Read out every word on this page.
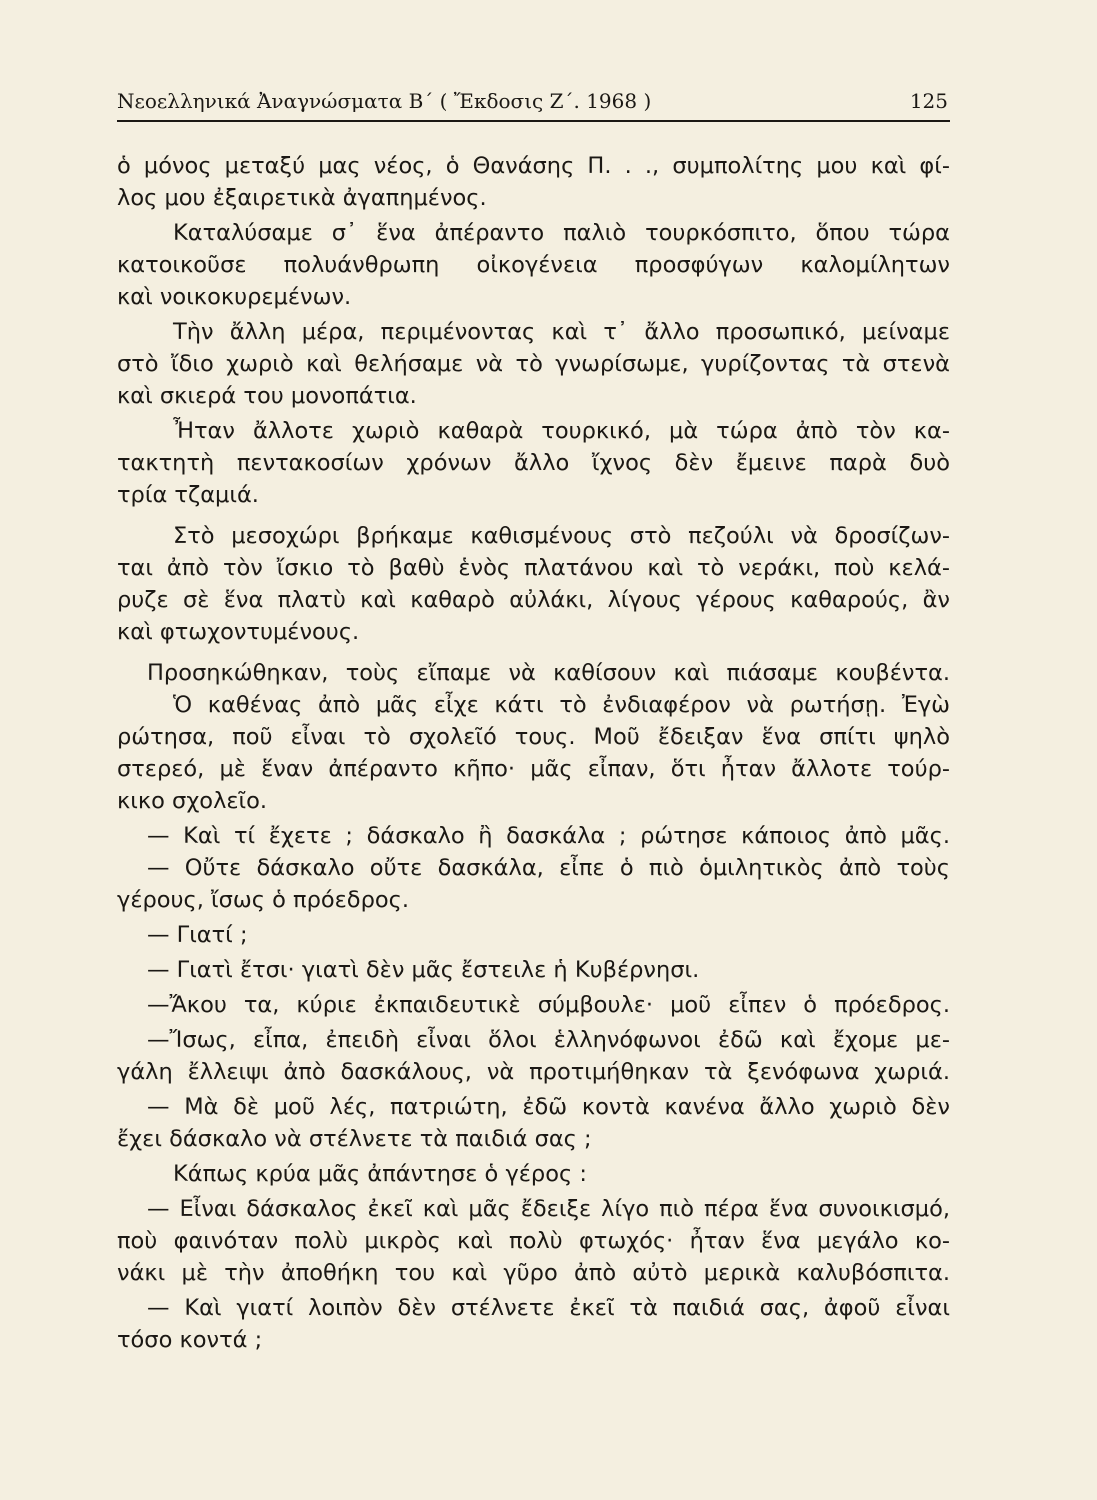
Νεοελληνικά Ἀναγνώσματα Β΄ ( Ἔκδοσις Ζ΄. 1968 )	125
ὁ μόνος μεταξύ μας νέος, ὁ Θανάσης Π. . ., συμπολίτης μου καὶ φί-
λος μου ἐξαιρετικὰ ἀγαπημένος.
Καταλύσαμε σ᾽ ἕνα ἀπέραντο παλιὸ τουρκόσπιτο, ὅπου τώρα
κατοικοῦσε πολυάνθρωπη οἰκογένεια προσφύγων καλομίλητων
καὶ νοικοκυρεμένων.
Τὴν ἄλλη μέρα, περιμένοντας καὶ τ᾽ ἄλλο προσωπικό, μείναμε
στὸ ἴδιο χωριὸ καὶ θελήσαμε νὰ τὸ γνωρίσωμε, γυρίζοντας τὰ στενὰ
καὶ σκιερά του μονοπάτια.
Ἦταν ἄλλοτε χωριὸ καθαρὰ τουρκικό, μὰ τώρα ἀπὸ τὸν κα-
τακτητὴ πεντακοσίων χρόνων ἄλλο ἴχνος δὲν ἔμεινε παρὰ δυὸ
τρία τζαμιά.
Στὸ μεσοχώρι βρήκαμε καθισμένους στὸ πεζούλι νὰ δροσίζων-
ται ἀπὸ τὸν ἴσκιο τὸ βαθὺ ἑνὸς πλατάνου καὶ τὸ νεράκι, ποὺ κελά-
ρυζε σὲ ἕνα πλατὺ καὶ καθαρὸ αὐλάκι, λίγους γέρους καθαρούς, ἂν
καὶ φτωχοντυμένους.
Προσηκώθηκαν, τοὺς εἴπαμε νὰ καθίσουν καὶ πιάσαμε κουβέντα.
Ὁ καθένας ἀπὸ μᾶς εἶχε κάτι τὸ ἐνδιαφέρον νὰ ρωτήσῃ. Ἐγὼ
ρώτησα, ποῦ εἶναι τὸ σχολεῖό τους. Μοῦ ἔδειξαν ἕνα σπίτι ψηλὸ
στερεό, μὲ ἕναν ἀπέραντο κῆπο· μᾶς εἶπαν, ὅτι ἦταν ἄλλοτε τούρ-
κικο σχολεῖο.
— Καὶ τί ἔχετε ; δάσκαλο ἢ δασκάλα ; ρώτησε κάποιος ἀπὸ μᾶς.
— Οὔτε δάσκαλο οὔτε δασκάλα, εἶπε ὁ πιὸ ὁμιλητικὸς ἀπὸ τοὺς
γέρους, ἴσως ὁ πρόεδρος.
— Γιατί ;
— Γιατὶ ἔτσι· γιατὶ δὲν μᾶς ἔστειλε ἡ Κυβέρνησι.
—Ἄκου τα, κύριε ἐκπαιδευτικὲ σύμβουλε· μοῦ εἶπεν ὁ πρόεδρος.
—Ἴσως, εἶπα, ἐπειδὴ εἶναι ὅλοι ἑλληνόφωνοι ἐδῶ καὶ ἔχομε με-
γάλη ἔλλειψι ἀπὸ δασκάλους, νὰ προτιμήθηκαν τὰ ξενόφωνα χωριά.
— Μὰ δὲ μοῦ λές, πατριώτη, ἐδῶ κοντὰ κανένα ἄλλο χωριὸ δὲν
ἔχει δάσκαλο νὰ στέλνετε τὰ παιδιά σας ;
Κάπως κρύα μᾶς ἀπάντησε ὁ γέρος :
— Εἶναι δάσκαλος ἐκεῖ καὶ μᾶς ἔδειξε λίγο πιὸ πέρα ἕνα συνοικισμό,
ποὺ φαινόταν πολὺ μικρὸς καὶ πολὺ φτωχός· ἦταν ἕνα μεγάλο κο-
νάκι μὲ τὴν ἀποθήκη του καὶ γῦρο ἀπὸ αὐτὸ μερικὰ καλυβόσπιτα.
— Καὶ γιατί λοιπὸν δὲν στέλνετε ἐκεῖ τὰ παιδιά σας, ἀφοῦ εἶναι
τόσο κοντά ;
